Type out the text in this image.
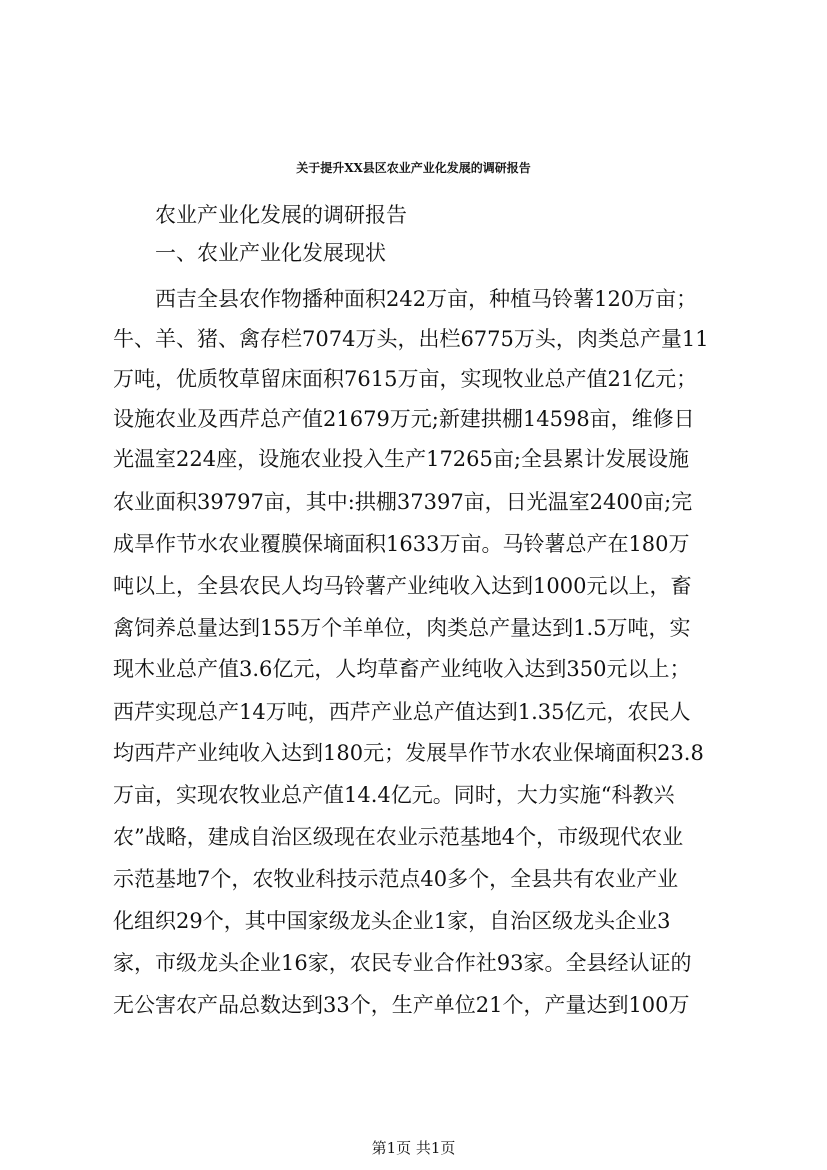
关于提升XX县区农业产业化发展的调研报告
农业产业化发展的调研报告
一、农业产业化发展现状
西吉全县农作物播种面积242万亩，种植马铃薯120万亩；
牛、羊、猪、禽存栏7074万头，出栏6775万头，肉类总产量11
万吨，优质牧草留床面积7615万亩，实现牧业总产值21亿元；
设施农业及西芹总产值21679万元;新建拱棚14598亩，维修日
光温室224座，设施农业投入生产17265亩;全县累计发展设施
农业面积39797亩，其中:拱棚37397亩，日光温室2400亩;完
成旱作节水农业覆膜保墒面积1633万亩。马铃薯总产在180万
吨以上，全县农民人均马铃薯产业纯收入达到1000元以上，畜
禽饲养总量达到155万个羊单位，肉类总产量达到1.5万吨，实
现木业总产值3.6亿元，人均草畜产业纯收入达到350元以上；
西芹实现总产14万吨，西芹产业总产值达到1.35亿元，农民人
均西芹产业纯收入达到180元；发展旱作节水农业保墒面积23.8
万亩，实现农牧业总产值14.4亿元。同时，大力实施“科教兴
农”战略，建成自治区级现在农业示范基地4个，市级现代农业
示范基地7个，农牧业科技示范点40多个，全县共有农业产业
化组织29个，其中国家级龙头企业1家，自治区级龙头企业3
家，市级龙头企业16家，农民专业合作社93家。全县经认证的
无公害农产品总数达到33个，生产单位21个，产量达到100万
第1页 共1页
